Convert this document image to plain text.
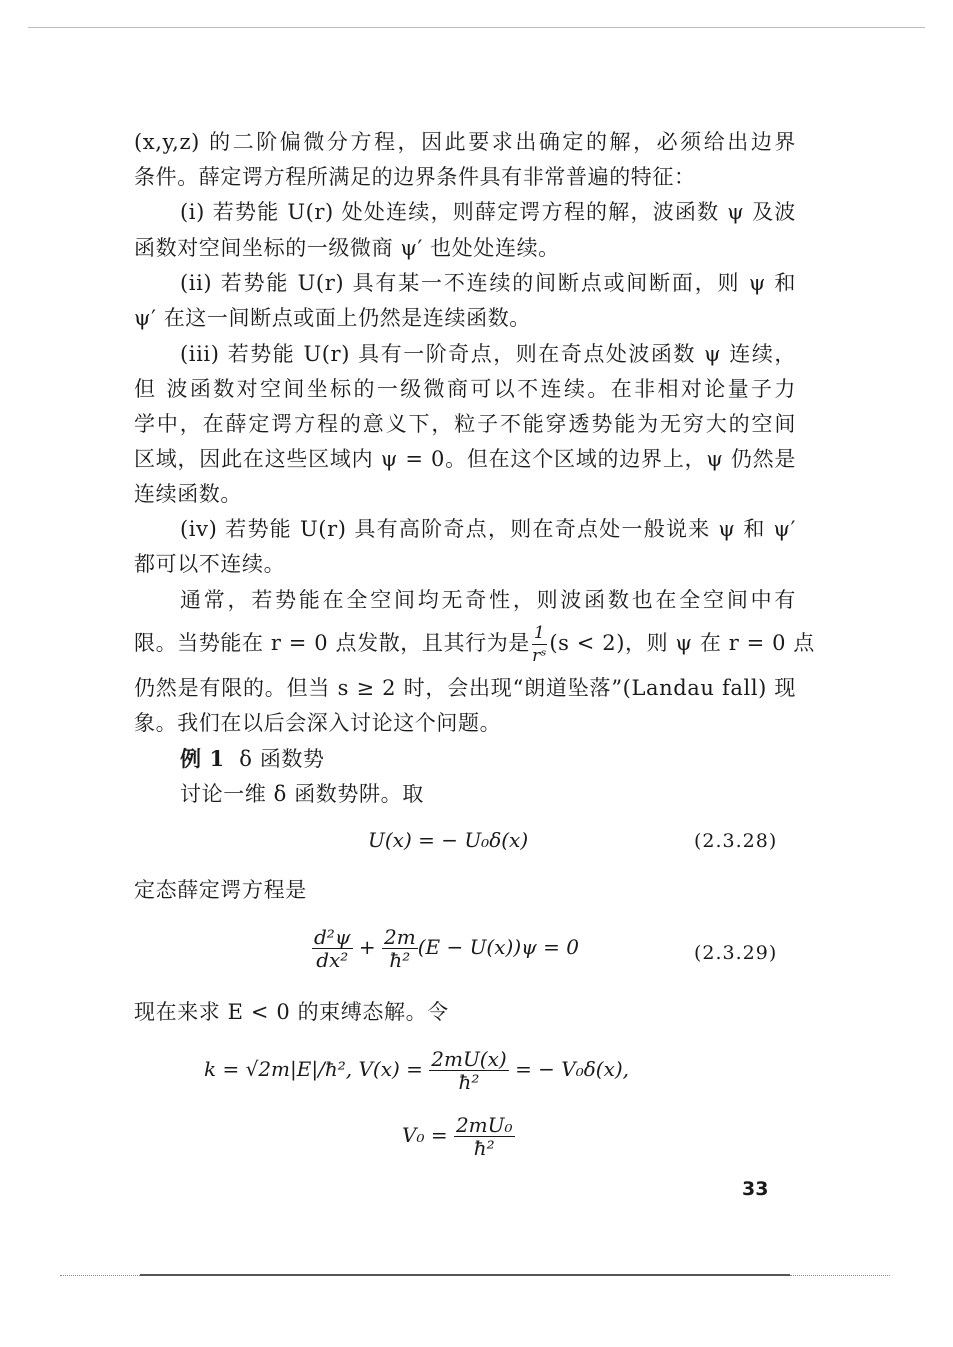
(x,y,z) 的二阶偏微分方程，因此要求出确定的解，必须给出边界
条件。薛定谔方程所满足的边界条件具有非常普遍的特征：
(i) 若势能 U(r) 处处连续，则薛定谔方程的解，波函数 ψ 及波
函数对空间坐标的一级微商 ψ′ 也处处连续。
(ii) 若势能 U(r) 具有某一不连续的间断点或间断面，则 ψ 和
ψ′ 在这一间断点或面上仍然是连续函数。
(iii) 若势能 U(r) 具有一阶奇点，则在奇点处波函数 ψ 连续，
但 波函数对空间坐标的一级微商可以不连续。在非相对论量子力
学中，在薛定谔方程的意义下，粒子不能穿透势能为无穷大的空间
区域，因此在这些区域内 ψ = 0。但在这个区域的边界上，ψ 仍然是
连续函数。
(iv) 若势能 U(r) 具有高阶奇点，则在奇点处一般说来 ψ 和 ψ′
都可以不连续。
通常，若势能在全空间均无奇性，则波函数也在全空间中有
限。当势能在 r = 0 点发散，且其行为是 $\frac{1}{\text{rˢ}} (s < 2)$，则 ψ 在 r = 0 点
仍然是有限的。但当 s ≥ 2 时，会出现“朗道坠落”(Landau fall) 现
象。我们在以后会深入讨论这个问题。
例 1 δ 函数势
讨论一维 δ 函数势阱。取
U(x) = − U₀δ(x)	(2.3.28)
定态薛定谔方程是
$\frac{\text{d²ψ}}{\text{dx²}} + \frac{2m}{\text{ħ²}} (E - U(x))\psi = 0$	(2.3.29)
现在来求 E < 0 的束缚态解。令
k = √2m|E|/ħ², $V(x) = \frac{2mU(x)}{\text{ħ²}}$ = − V₀δ(x),
$V_0 = \frac{\text{2mU₀}}{\text{ħ²}}$
33
